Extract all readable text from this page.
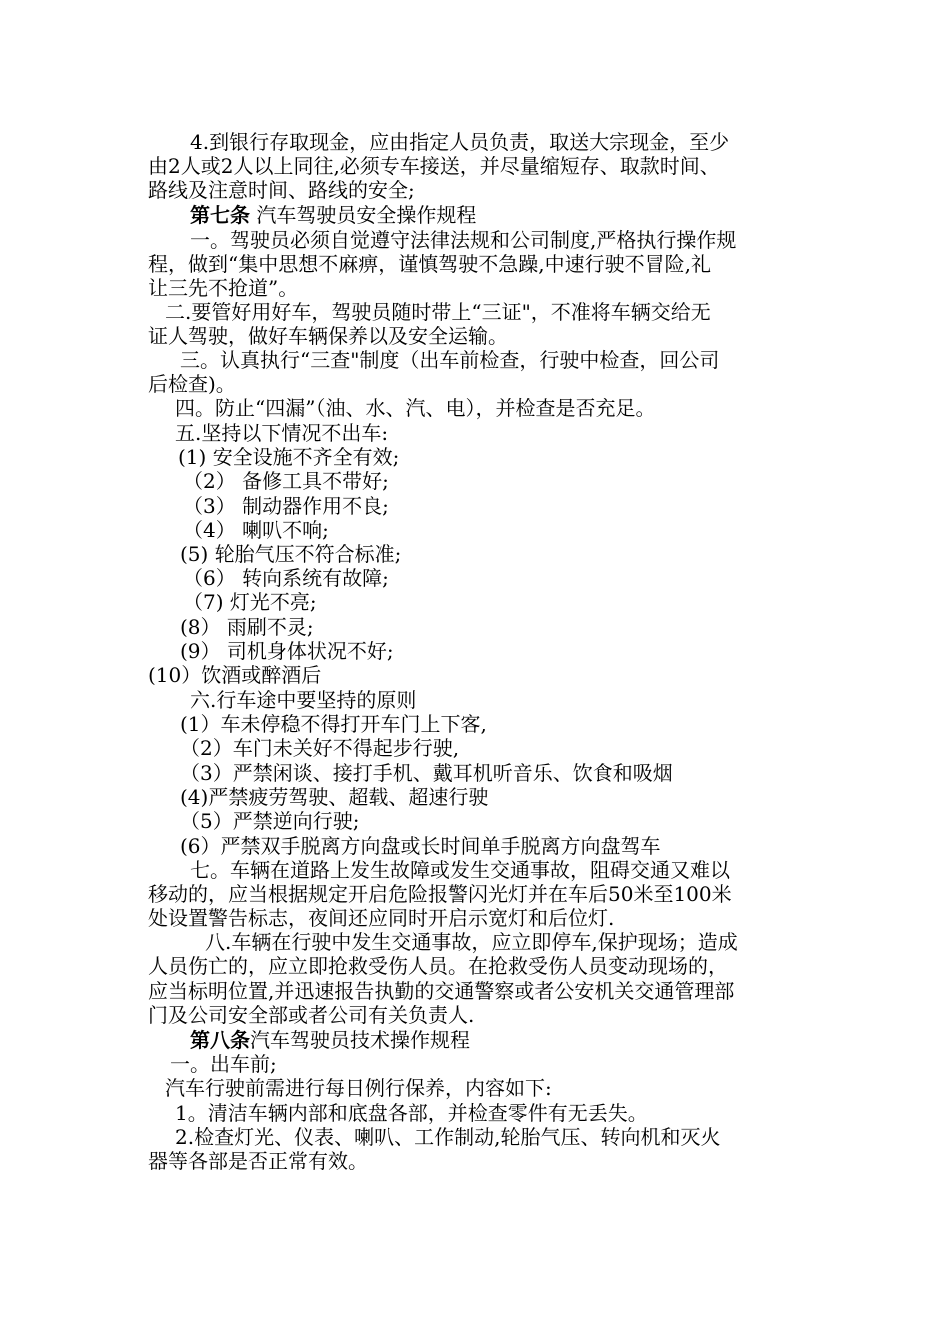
4.到银行存取现金，应由指定人员负责，取送大宗现金，至少
由2人或2人以上同往,必须专车接送，并尽量缩短存、取款时间、
路线及注意时间、路线的安全;
第七条 汽车驾驶员安全操作规程
一。驾驶员必须自觉遵守法律法规和公司制度,严格执行操作规
程，做到“集中思想不麻痹，谨慎驾驶不急躁,中速行驶不冒险,礼
让三先不抢道”。
二.要管好用好车，驾驶员随时带上“三证"，不准将车辆交给无
证人驾驶，做好车辆保养以及安全运输。
三。认真执行“三查"制度（出车前检查，行驶中检查，回公司
后检查)。
四。防止“四漏”（油、水、汽、电），并检查是否充足。
五.坚持以下情况不出车:
(1) 安全设施不齐全有效;
（2） 备修工具不带好;
（3） 制动器作用不良;
（4） 喇叭不响;
(5) 轮胎气压不符合标准;
（6） 转向系统有故障;
（7) 灯光不亮;
(8） 雨刷不灵;
(9） 司机身体状况不好;
(10）饮酒或醉酒后
六.行车途中要坚持的原则
(1）车未停稳不得打开车门上下客,
（2）车门未关好不得起步行驶,
（3）严禁闲谈、接打手机、戴耳机听音乐、饮食和吸烟
(4)严禁疲劳驾驶、超载、超速行驶
（5）严禁逆向行驶;
(6）严禁双手脱离方向盘或长时间单手脱离方向盘驾车
七。车辆在道路上发生故障或发生交通事故，阻碍交通又难以
移动的，应当根据规定开启危险报警闪光灯并在车后50米至100米
处设置警告标志，夜间还应同时开启示宽灯和后位灯.
八.车辆在行驶中发生交通事故，应立即停车,保护现场；造成
人员伤亡的，应立即抢救受伤人员。在抢救受伤人员变动现场的，
应当标明位置,并迅速报告执勤的交通警察或者公安机关交通管理部
门及公司安全部或者公司有关负责人.
第八条汽车驾驶员技术操作规程
一。出车前;
汽车行驶前需进行每日例行保养，内容如下:
1。清洁车辆内部和底盘各部，并检查零件有无丢失。
2.检查灯光、仪表、喇叭、工作制动,轮胎气压、转向机和灭火
器等各部是否正常有效。
